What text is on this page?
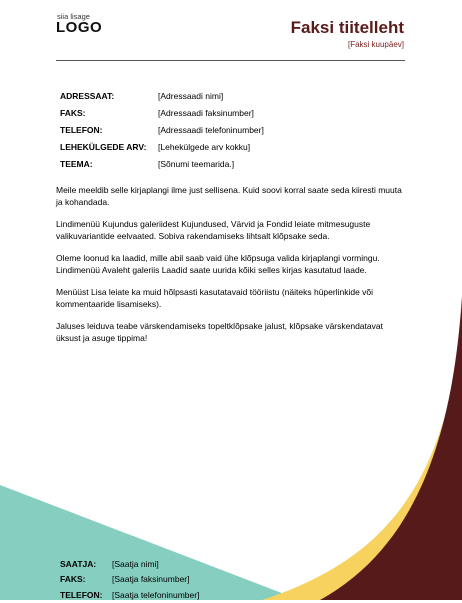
siia lisage
LOGO	Faksi tiitelleht
[Faksi kuupäev]
ADRESSAAT:	[Adressaadi nimi]
FAKS:	[Adressaadi faksinumber]
TELEFON:	[Adressaadi telefoninumber]
LEHEKÜLGEDE ARV:	[Lehekülgede arv kokku]
TEEMA:	[Sõnumi teemarida.]

Meile meeldib selle kirjaplangi ilme just sellisena. Kuid soovi korral saate seda kiiresti muuta ja kohandada.

Lindimenüü Kujundus galeriidest Kujundused, Värvid ja Fondid leiate mitmesuguste valikuvariantide eelvaated. Sobiva rakendamiseks lihtsalt klõpsake seda.

Oleme loonud ka laadid, mille abil saab vaid ühe klõpsuga valida kirjaplangi vormingu. Lindimenüü Avaleht galeriis Laadid saate uurida kõiki selles kirjas kasutatud laade.

Menüüst Lisa leiate ka muid hõlpsasti kasutatavaid tööriistu (näiteks hüperlinkide või kommentaaride lisamiseks).

Jaluses leiduva teabe värskendamiseks topeltklõpsake jalust, klõpsake värskendatavat üksust ja asuge tippima!

SAATJA:	[Saatja nimi]
FAKS:	[Saatja faksinumber]
TELEFON:	[Saatja telefoninumber]
